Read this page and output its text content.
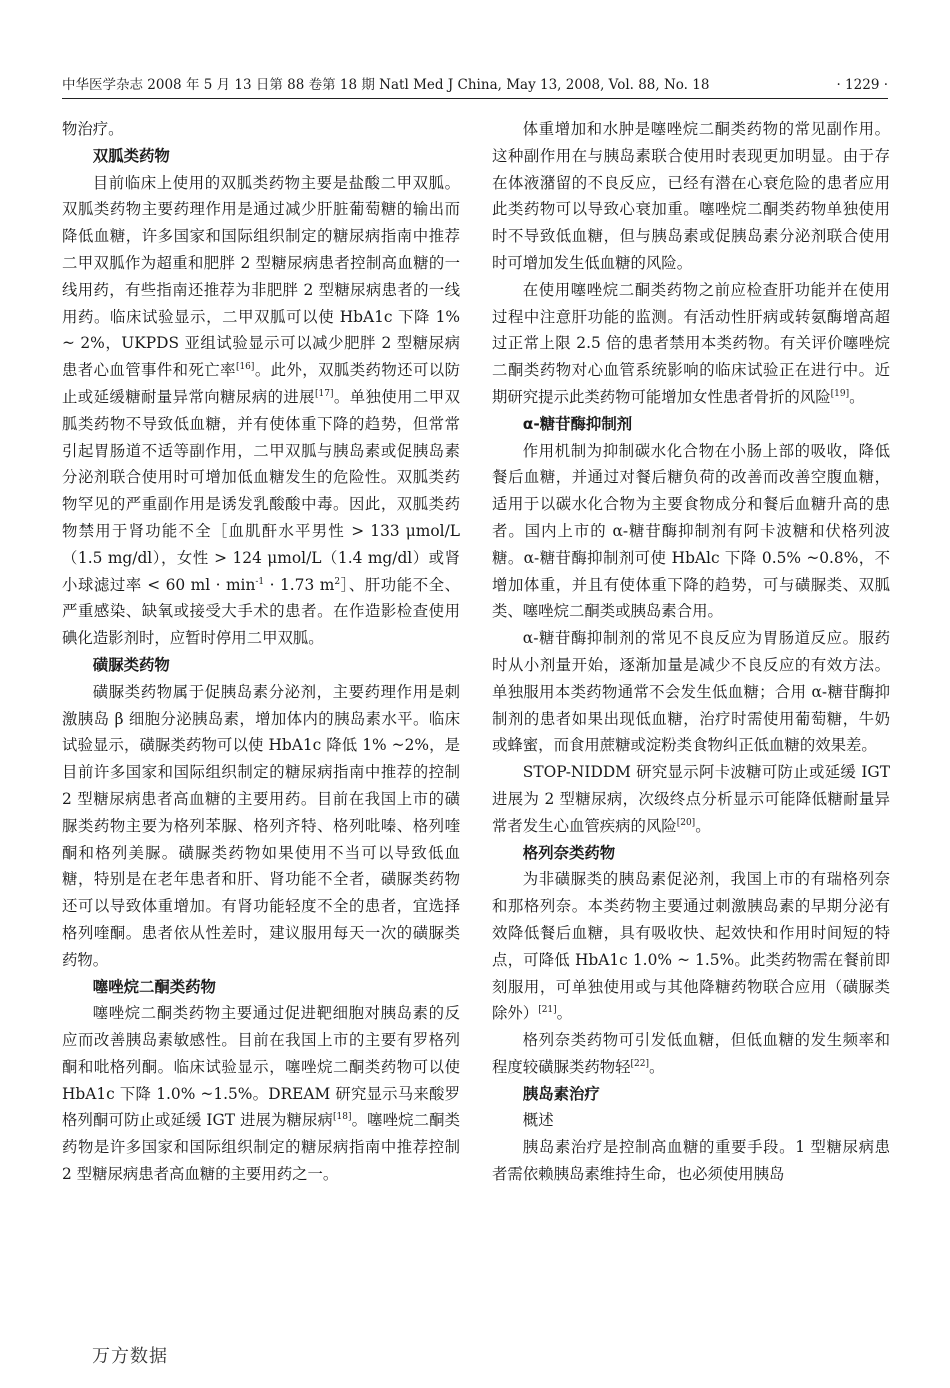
中华医学杂志 2008 年 5 月 13 日第 88 卷第 18 期 Natl Med J China, May 13, 2008, Vol. 88, No. 18	· 1229 ·

物治疗。

双胍类药物

目前临床上使用的双胍类药物主要是盐酸二甲双胍。双胍类药物主要药理作用是通过减少肝脏葡萄糖的输出而降低血糖，许多国家和国际组织制定的糖尿病指南中推荐二甲双胍作为超重和肥胖 2 型糖尿病患者控制高血糖的一线用药，有些指南还推荐为非肥胖 2 型糖尿病患者的一线用药。临床试验显示，二甲双胍可以使 HbA1c 下降 1% ~ 2%，UKPDS 亚组试验显示可以减少肥胖 2 型糖尿病患者心血管事件和死亡率[16]。此外，双胍类药物还可以防止或延缓糖耐量异常向糖尿病的进展[17]。单独使用二甲双胍类药物不导致低血糖，并有使体重下降的趋势，但常常引起胃肠道不适等副作用，二甲双胍与胰岛素或促胰岛素分泌剂联合使用时可增加低血糖发生的危险性。双胍类药物罕见的严重副作用是诱发乳酸酸中毒。因此，双胍类药物禁用于肾功能不全［血肌酐水平男性 > 133 μmol/L（1.5 mg/dl），女性 > 124 μmol/L（1.4 mg/dl）或肾小球滤过率 < 60 ml · $\min^{-1} \cdot 1.73$ $m^2]$、肝功能不全、严重感染、缺氧或接受大手术的患者。在作造影检查使用碘化造影剂时，应暂时停用二甲双胍。

磺脲类药物

磺脲类药物属于促胰岛素分泌剂，主要药理作用是刺激胰岛 β 细胞分泌胰岛素，增加体内的胰岛素水平。临床试验显示，磺脲类药物可以使 HbA1c 降低 1% ~2%，是目前许多国家和国际组织制定的糖尿病指南中推荐的控制 2 型糖尿病患者高血糖的主要用药。目前在我国上市的磺脲类药物主要为格列苯脲、格列齐特、格列吡嗪、格列喹酮和格列美脲。磺脲类药物如果使用不当可以导致低血糖，特别是在老年患者和肝、肾功能不全者，磺脲类药物还可以导致体重增加。有肾功能轻度不全的患者，宜选择格列喹酮。患者依从性差时，建议服用每天一次的磺脲类药物。

噻唑烷二酮类药物

噻唑烷二酮类药物主要通过促进靶细胞对胰岛素的反应而改善胰岛素敏感性。目前在我国上市的主要有罗格列酮和吡格列酮。临床试验显示，噻唑烷二酮类药物可以使 HbA1c 下降 1.0% ~1.5%。DREAM 研究显示马来酸罗格列酮可防止或延缓 IGT 进展为糖尿病[18]。噻唑烷二酮类药物是许多国家和国际组织制定的糖尿病指南中推荐控制 2 型糖尿病患者高血糖的主要用药之一。

体重增加和水肿是噻唑烷二酮类药物的常见副作用。这种副作用在与胰岛素联合使用时表现更加明显。由于存在体液潴留的不良反应，已经有潜在心衰危险的患者应用此类药物可以导致心衰加重。噻唑烷二酮类药物单独使用时不导致低血糖，但与胰岛素或促胰岛素分泌剂联合使用时可增加发生低血糖的风险。

在使用噻唑烷二酮类药物之前应检查肝功能并在使用过程中注意肝功能的监测。有活动性肝病或转氨酶增高超过正常上限 2.5 倍的患者禁用本类药物。有关评价噻唑烷二酮类药物对心血管系统影响的临床试验正在进行中。近期研究提示此类药物可能增加女性患者骨折的风险[19]。

α-糖苷酶抑制剂

作用机制为抑制碳水化合物在小肠上部的吸收，降低餐后血糖，并通过对餐后糖负荷的改善而改善空腹血糖，适用于以碳水化合物为主要食物成分和餐后血糖升高的患者。国内上市的 α-糖苷酶抑制剂有阿卡波糖和伏格列波糖。α-糖苷酶抑制剂可使 HbAlc 下降 0.5% ~0.8%，不增加体重，并且有使体重下降的趋势，可与磺脲类、双胍类、噻唑烷二酮类或胰岛素合用。

α-糖苷酶抑制剂的常见不良反应为胃肠道反应。服药时从小剂量开始，逐渐加量是减少不良反应的有效方法。单独服用本类药物通常不会发生低血糖；合用 α-糖苷酶抑制剂的患者如果出现低血糖，治疗时需使用葡萄糖，牛奶或蜂蜜，而食用蔗糖或淀粉类食物纠正低血糖的效果差。

STOP-NIDDM 研究显示阿卡波糖可防止或延缓 IGT 进展为 2 型糖尿病，次级终点分析显示可能降低糖耐量异常者发生心血管疾病的风险[20]。

格列奈类药物

为非磺脲类的胰岛素促泌剂，我国上市的有瑞格列奈和那格列奈。本类药物主要通过刺激胰岛素的早期分泌有效降低餐后血糖，具有吸收快、起效快和作用时间短的特点，可降低 HbA1c 1.0% ~ 1.5%。此类药物需在餐前即刻服用，可单独使用或与其他降糖药物联合应用（磺脲类除外）[21]。

格列奈类药物可引发低血糖，但低血糖的发生频率和程度较磺脲类药物轻[22]。

胰岛素治疗

概述

胰岛素治疗是控制高血糖的重要手段。1 型糖尿病患者需依赖胰岛素维持生命，也必须使用胰岛

万方数据
